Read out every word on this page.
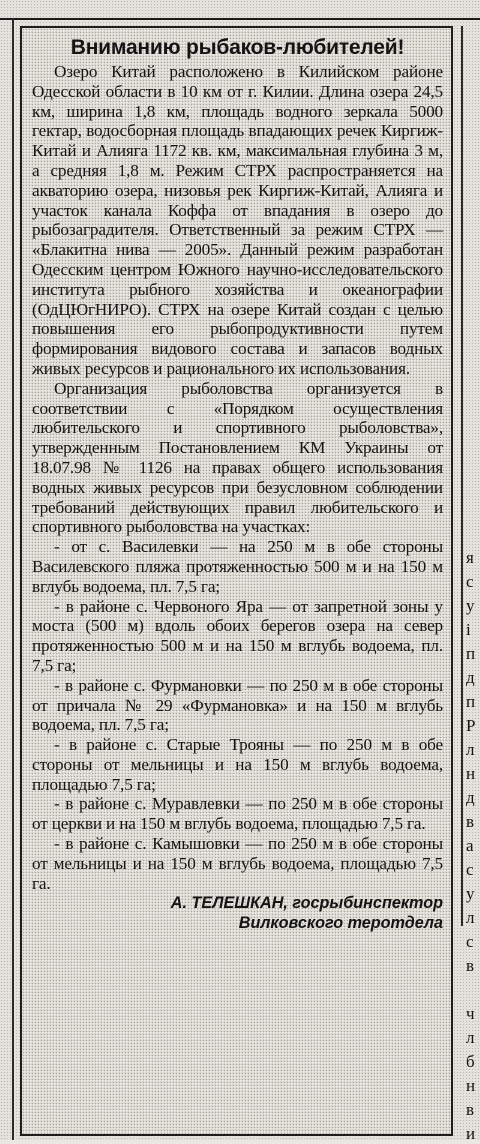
Вниманию рыбаков-любителей!

Озеро Китай расположено в Килийском районе Одесской области в 10 км от г. Килии. Длина озера 24,5 км, ширина 1,8 км, площадь водного зеркала 5000 гектар, водосборная площадь впадающих речек Киргиж-Китай и Алияга 1172 кв. км, максимальная глубина 3 м, а средняя 1,8 м. Режим СТРХ распространяется на акваторию озера, низовья рек Киргиж-Китай, Алияга и участок канала Коффа от впадания в озеро до рыбозаградителя. Ответственный за режим СТРХ — «Блакитна нива — 2005». Данный режим разработан Одесским центром Южного научно-исследовательского института рыбного хозяйства и океанографии (ОдЦЮгНИРО). СТРХ на озере Китай создан с целью повышения его рыбопродуктивности путем формирования видового состава и запасов водных живых ресурсов и рационального их использования.

Организация рыболовства организуется в соответствии с «Порядком осуществления любительского и спортивного рыболовства», утвержденным Постановлением КМ Украины от 18.07.98 № 1126 на правах общего использования водных живых ресурсов при безусловном соблюдении требований действующих правил любительского и спортивного рыболовства на участках:

- от с. Василевки — на 250 м в обе стороны Василевского пляжа протяженностью 500 м и на 150 м вглубь водоема, пл. 7,5 га;

- в районе с. Червоного Яра — от запретной зоны у моста (500 м) вдоль обоих берегов озера на север протяженностью 500 м и на 150 м вглубь водоема, пл. 7,5 га;

- в районе с. Фурмановки — по 250 м в обе стороны от причала № 29 «Фурмановка» и на 150 м вглубь водоема, пл. 7,5 га;

- в районе с. Старые Трояны — по 250 м в обе стороны от мельницы и на 150 м вглубь водоема, площадью 7,5 га;

- в районе с. Муравлевки — по 250 м в обе стороны от церкви и на 150 м вглубь водоема, площадью 7,5 га.

- в районе с. Камышовки — по 250 м в обе стороны от мельницы и на 150 м вглубь водоема, площадью 7,5 га.

А. ТЕЛЕШКАН, госрыбинспектор

Вилковского теротдела

я
с
у
і
п
д
п
Р
л
н
д
в
а
с
у
л
с
в
ч
л
б
н
в
и
